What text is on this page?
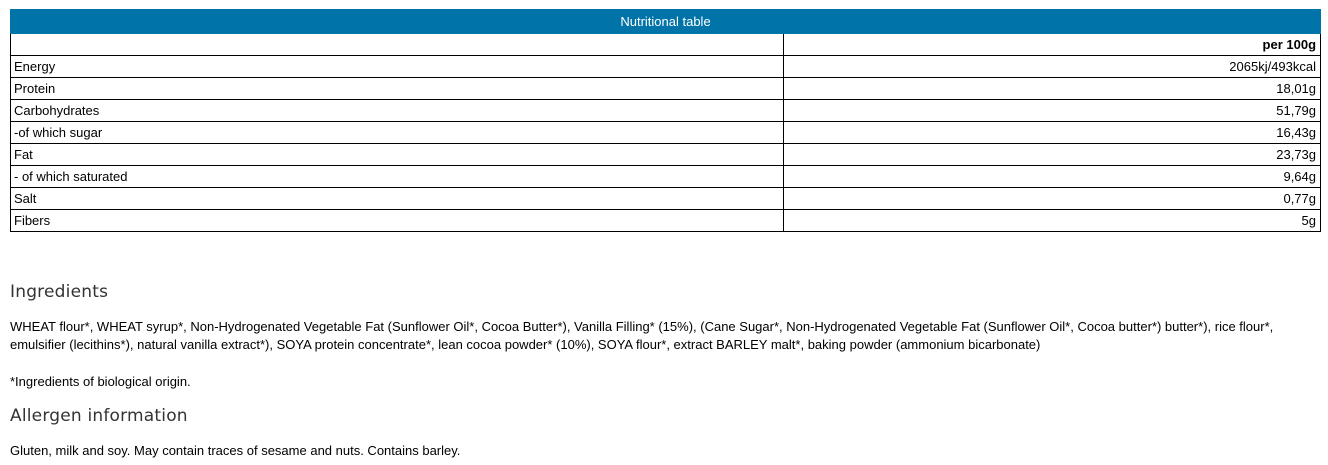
Nutritional table	
	per 100g
Energy	2065kj/493kcal
Protein	18,01g
Carbohydrates	51,79g
-of which sugar	16,43g
Fat	23,73g
- of which saturated	9,64g
Salt	0,77g
Fibers	5g
Ingredients

WHEAT flour*, WHEAT syrup*, Non-Hydrogenated Vegetable Fat (Sunflower Oil*, Cocoa Butter*), Vanilla Filling* (15%), (Cane Sugar*, Non-Hydrogenated Vegetable Fat (Sunflower Oil*, Cocoa butter*) butter*), rice flour*, emulsifier (lecithins*), natural vanilla extract*), SOYA protein concentrate*, lean cocoa powder* (10%), SOYA flour*, extract BARLEY malt*, baking powder (ammonium bicarbonate)

*Ingredients of biological origin.

Allergen information

Gluten, milk and soy. May contain traces of sesame and nuts. Contains barley.
